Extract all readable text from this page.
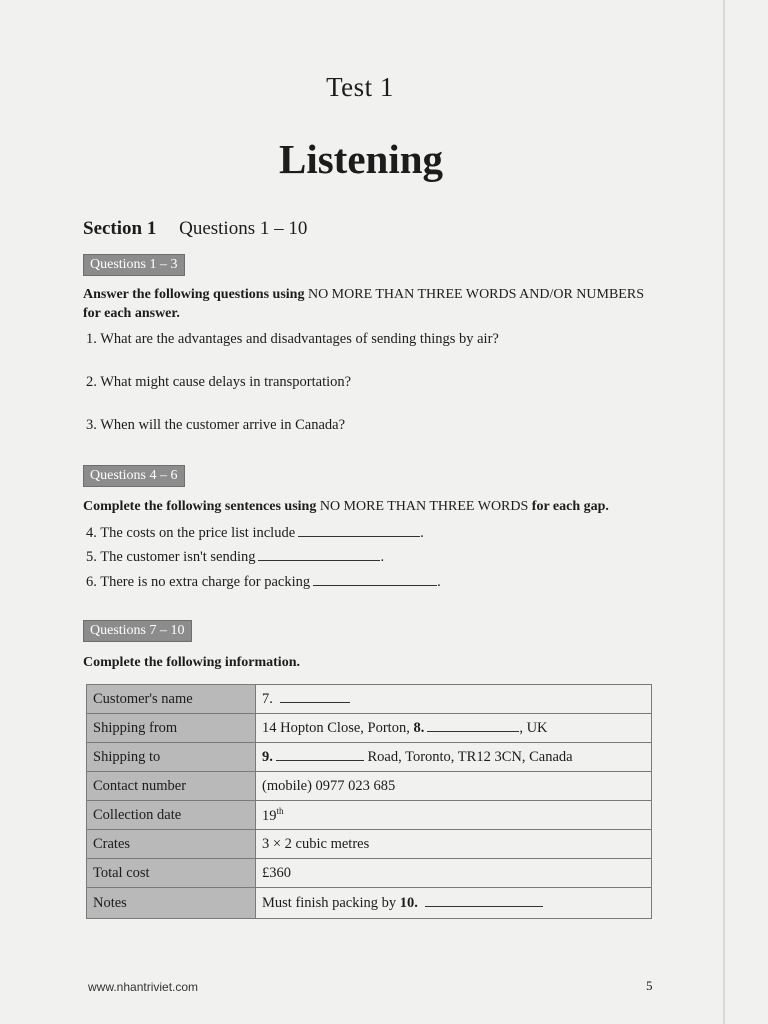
Test 1
Listening
Section 1 Questions 1 – 10
Questions 1 – 3
Answer the following questions using NO MORE THAN THREE WORDS AND/OR NUMBERS
for each answer.
1. What are the advantages and disadvantages of sending things by air?
2. What might cause delays in transportation?
3. When will the customer arrive in Canada?
Questions 4 – 6
Complete the following sentences using NO MORE THAN THREE WORDS for each gap.
4. The costs on the price list include	.
5. The customer isn't sending	.
6. There is no extra charge for packing	.
Questions 7 – 10
Complete the following information.
Customer's name	7.
Shipping from	14 Hopton Close, Porton, 8. , UK
Shipping to	9. Road, Toronto, TR12 3CN, Canada
Contact number	(mobile) 0977 023 685
Collection date	19th
Crates	3 × 2 cubic metres
Total cost	£360
Notes	Must finish packing by 10.
www.nhantriviet.com	5
